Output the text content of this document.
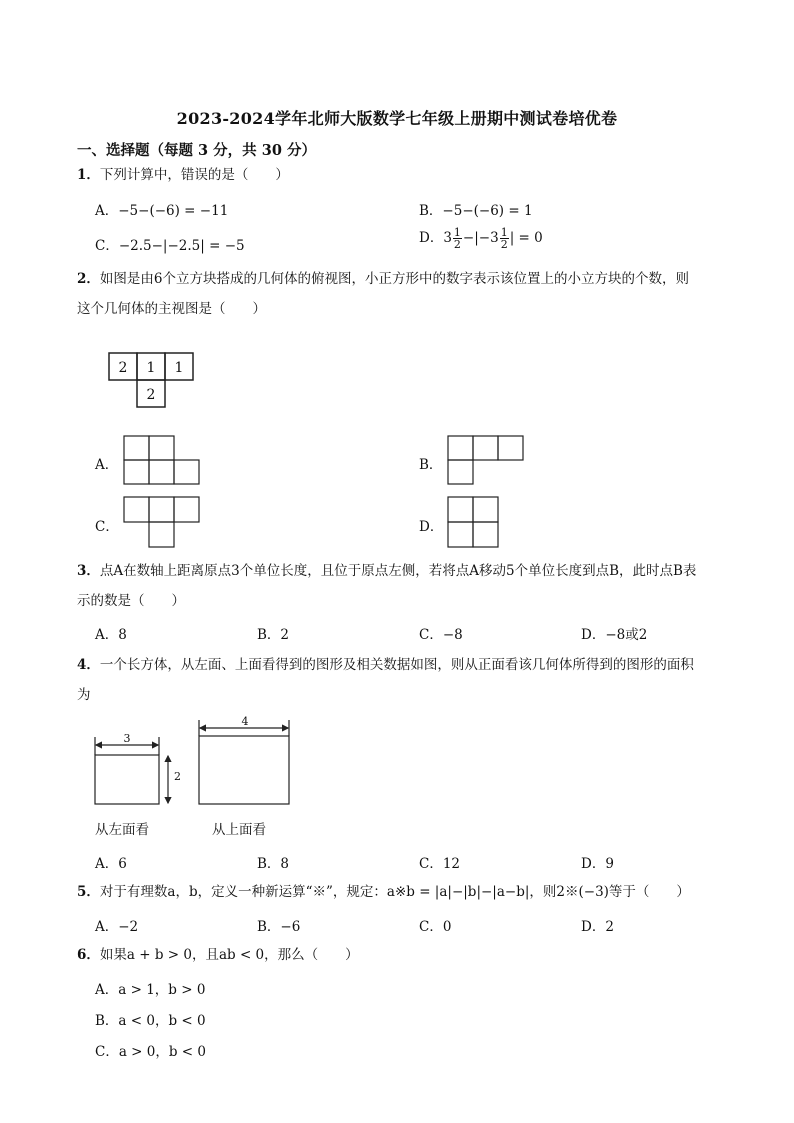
2023-2024学年北师大版数学七年级上册期中测试卷培优卷
一、选择题（每题 3 分，共 30 分）
1．下列计算中，错误的是（　　）
A．−5−(−6) = −11	B．−5−(−6) = 1
C．−2.5−|−2.5| = −5	D．$3 \frac{1}{2} -|-3 \frac{1}{2}$ | = 0
2．如图是由6个立方块搭成的几何体的俯视图，小正方形中的数字表示该位置上的小立方块的个数，则
这个几何体的主视图是（　　）
2 1 1
2
A．	B．
C．	D．
3．点A在数轴上距离原点3个单位长度，且位于原点左侧，若将点A移动5个单位长度到点B，此时点B表
示的数是（　　）
A．8	B．2	C．−8	D．−8或2
4．一个长方体，从左面、上面看得到的图形及相关数据如图，则从正面看该几何体所得到的图形的面积
为
3
2
4
从左面看	从上面看
A．6	B．8	C．12	D．9
5．对于有理数a，b，定义一种新运算“※”，规定：a※b = |a|−|b|−|a−b|，则2※(−3)等于（　　）
A．−2	B．−6	C．0	D．2
6．如果a + b > 0，且ab < 0，那么（　　）
A．a > 1，b > 0
B．a < 0，b < 0
C．a > 0，b < 0
